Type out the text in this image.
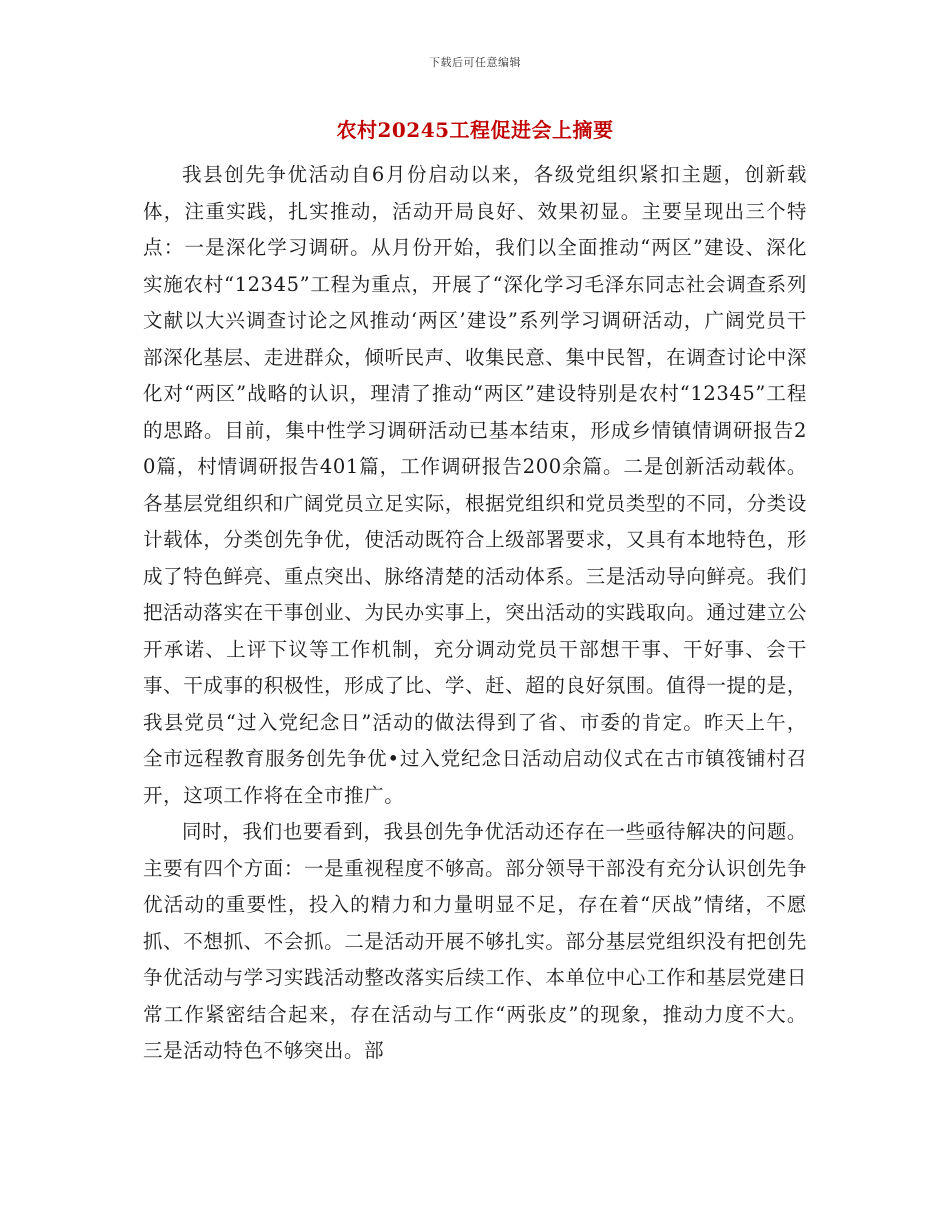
下载后可任意编辑
农村20245工程促进会上摘要

我县创先争优活动自6月份启动以来，各级党组织紧扣主题，创新载体，注重实践，扎实推动，活动开局良好、效果初显。主要呈现出三个特点：一是深化学习调研。从月份开始，我们以全面推动“两区”建设、深化实施农村“12345”工程为重点，开展了“深化学习毛泽东同志社会调查系列文献以大兴调查讨论之风推动‘两区’建设”系列学习调研活动，广阔党员干部深化基层、走进群众，倾听民声、收集民意、集中民智，在调查讨论中深化对“两区”战略的认识，理清了推动“两区”建设特别是农村“12345”工程的思路。目前，集中性学习调研活动已基本结束，形成乡情镇情调研报告20篇，村情调研报告401篇，工作调研报告200余篇。二是创新活动载体。各基层党组织和广阔党员立足实际，根据党组织和党员类型的不同，分类设计载体，分类创先争优，使活动既符合上级部署要求，又具有本地特色，形成了特色鲜亮、重点突出、脉络清楚的活动体系。三是活动导向鲜亮。我们把活动落实在干事创业、为民办实事上，突出活动的实践取向。通过建立公开承诺、上评下议等工作机制，充分调动党员干部想干事、干好事、会干事、干成事的积极性，形成了比、学、赶、超的良好氛围。值得一提的是，我县党员“过入党纪念日”活动的做法得到了省、市委的肯定。昨天上午，全市远程教育服务创先争优•过入党纪念日活动启动仪式在古市镇筏铺村召开，这项工作将在全市推广。

同时，我们也要看到，我县创先争优活动还存在一些亟待解决的问题。主要有四个方面：一是重视程度不够高。部分领导干部没有充分认识创先争优活动的重要性，投入的精力和力量明显不足，存在着“厌战”情绪，不愿抓、不想抓、不会抓。二是活动开展不够扎实。部分基层党组织没有把创先争优活动与学习实践活动整改落实后续工作、本单位中心工作和基层党建日常工作紧密结合起来，存在活动与工作“两张皮”的现象，推动力度不大。三是活动特色不够突出。部
